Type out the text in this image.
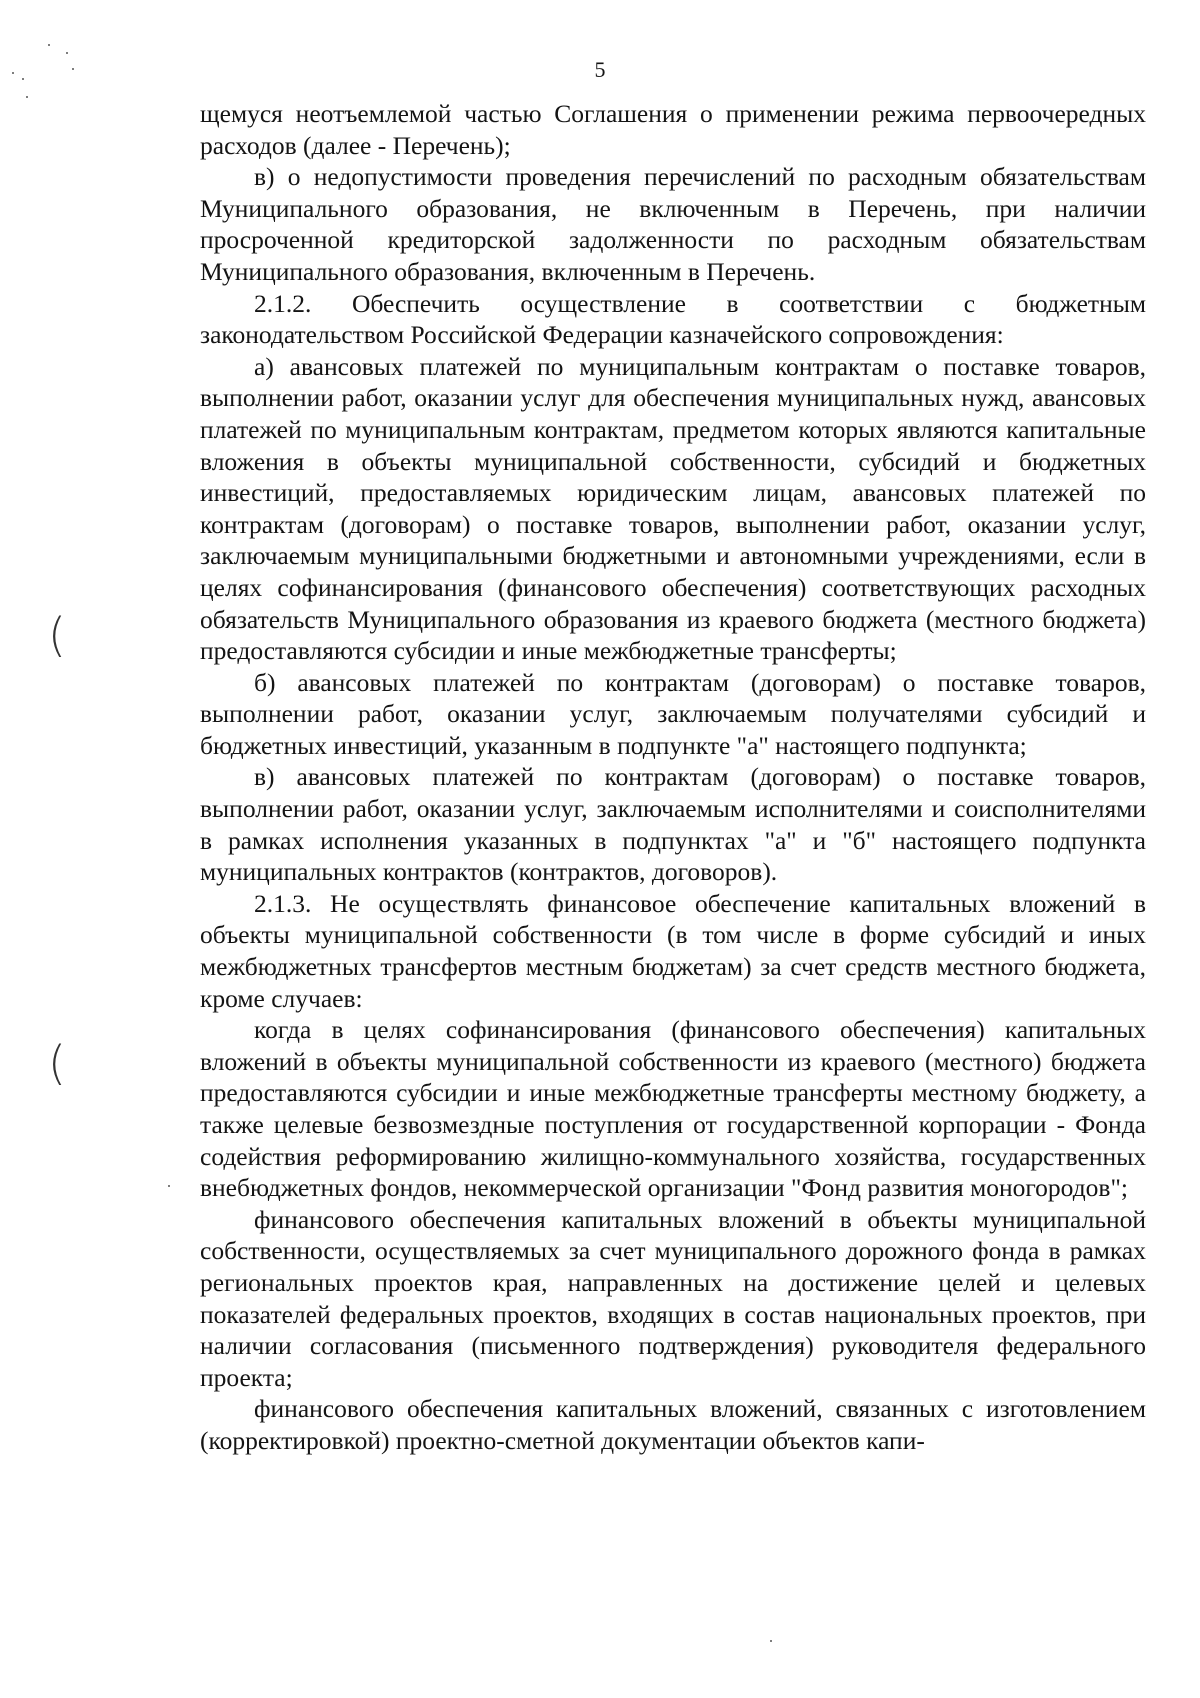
5

щемуся неотъемлемой частью Соглашения о применении режима первоочередных расходов (далее - Перечень);

в) о недопустимости проведения перечислений по расходным обязательствам Муниципального образования, не включенным в Перечень, при наличии просроченной кредиторской задолженности по расходным обязательствам Муниципального образования, включенным в Перечень.

2.1.2. Обеспечить осуществление в соответствии с бюджетным законодательством Российской Федерации казначейского сопровождения:

а) авансовых платежей по муниципальным контрактам о поставке товаров, выполнении работ, оказании услуг для обеспечения муниципальных нужд, авансовых платежей по муниципальным контрактам, предметом которых являются капитальные вложения в объекты муниципальной собственности, субсидий и бюджетных инвестиций, предоставляемых юридическим лицам, авансовых платежей по контрактам (договорам) о поставке товаров, выполнении работ, оказании услуг, заключаемым муниципальными бюджетными и автономными учреждениями, если в целях софинансирования (финансового обеспечения) соответствующих расходных обязательств Муниципального образования из краевого бюджета (местного бюджета) предоставляются субсидии и иные межбюджетные трансферты;

б) авансовых платежей по контрактам (договорам) о поставке товаров, выполнении работ, оказании услуг, заключаемым получателями субсидий и бюджетных инвестиций, указанным в подпункте "а" настоящего подпункта;

в) авансовых платежей по контрактам (договорам) о поставке товаров, выполнении работ, оказании услуг, заключаемым исполнителями и соисполнителями в рамках исполнения указанных в подпунктах "а" и "б" настоящего подпункта муниципальных контрактов (контрактов, договоров).

2.1.3. Не осуществлять финансовое обеспечение капитальных вложений в объекты муниципальной собственности (в том числе в форме субсидий и иных межбюджетных трансфертов местным бюджетам) за счет средств местного бюджета, кроме случаев:

когда в целях софинансирования (финансового обеспечения) капитальных вложений в объекты муниципальной собственности из краевого (местного) бюджета предоставляются субсидии и иные межбюджетные трансферты местному бюджету, а также целевые безвозмездные поступления от государственной корпорации - Фонда содействия реформированию жилищно-коммунального хозяйства, государственных внебюджетных фондов, некоммерческой организации "Фонд развития моногородов";

финансового обеспечения капитальных вложений в объекты муниципальной собственности, осуществляемых за счет муниципального дорожного фонда в рамках региональных проектов края, направленных на достижение целей и целевых показателей федеральных проектов, входящих в состав национальных проектов, при наличии согласования (письменного подтверждения) руководителя федерального проекта;

финансового обеспечения капитальных вложений, связанных с изготовлением (корректировкой) проектно-сметной документации объектов капи-

(
(
